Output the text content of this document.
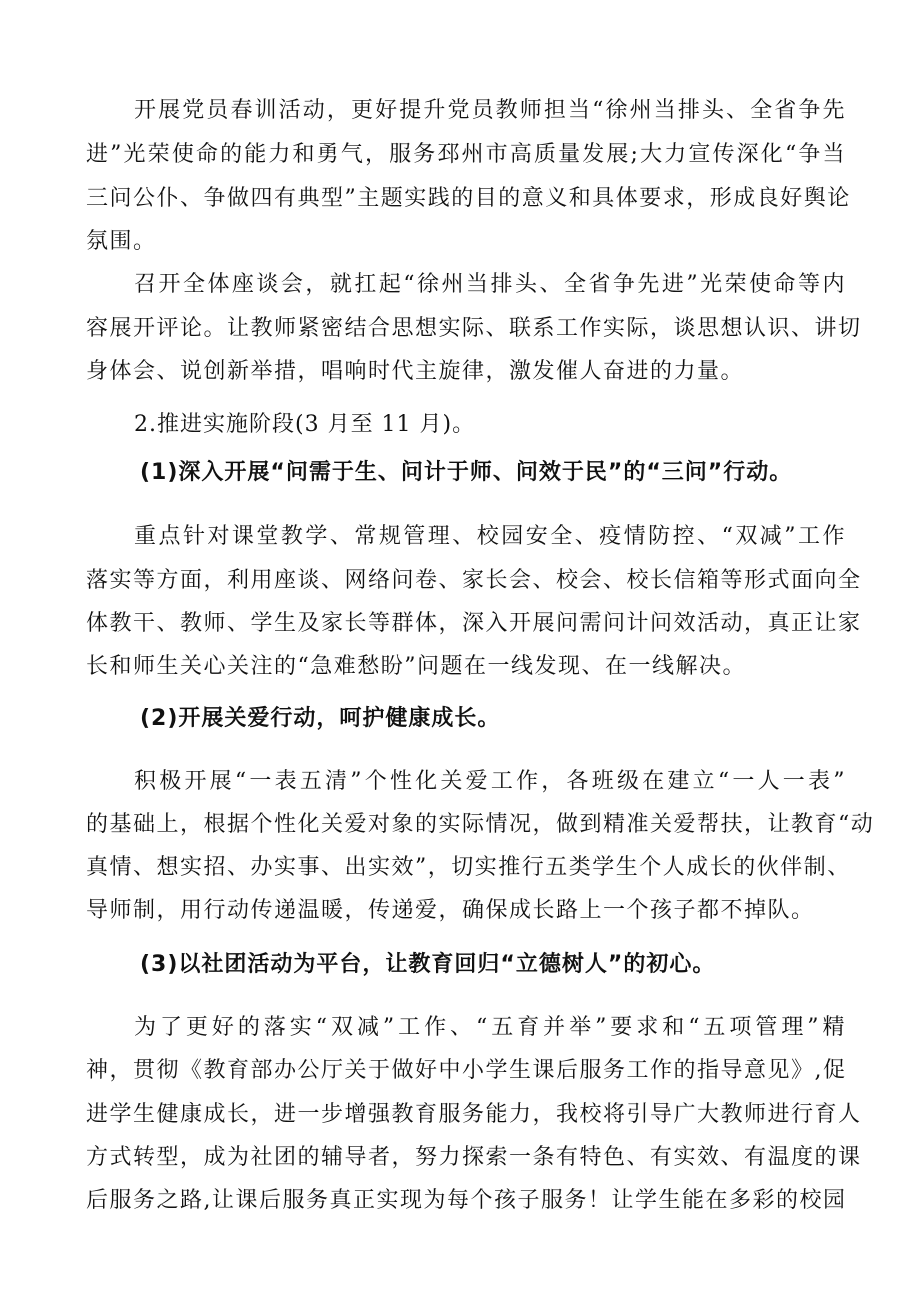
开展党员春训活动，更好提升党员教师担当“徐州当排头、全省争先
进”光荣使命的能力和勇气，服务邳州市高质量发展;大力宣传深化“争当
三问公仆、争做四有典型”主题实践的目的意义和具体要求，形成良好舆论
氛围。
召开全体座谈会，就扛起“徐州当排头、全省争先进”光荣使命等内
容展开评论。让教师紧密结合思想实际、联系工作实际，谈思想认识、讲切
身体会、说创新举措，唱响时代主旋律，激发催人奋进的力量。
2.推进实施阶段(3 月至 11 月)。
(1)深入开展“问需于生、问计于师、问效于民”的“三问”行动。
重点针对课堂教学、常规管理、校园安全、疫情防控、“双减”工作
落实等方面，利用座谈、网络问卷、家长会、校会、校长信箱等形式面向全
体教干、教师、学生及家长等群体，深入开展问需问计问效活动，真正让家
长和师生关心关注的“急难愁盼”问题在一线发现、在一线解决。
(2)开展关爱行动，呵护健康成长。
积极开展“一表五清”个性化关爱工作，各班级在建立“一人一表”
的基础上，根据个性化关爱对象的实际情况，做到精准关爱帮扶，让教育“动
真情、想实招、办实事、出实效”，切实推行五类学生个人成长的伙伴制、
导师制，用行动传递温暖，传递爱，确保成长路上一个孩子都不掉队。
(3)以社团活动为平台，让教育回归“立德树人”的初心。
为了更好的落实“双减”工作、“五育并举”要求和“五项管理”精
神，贯彻《教育部办公厅关于做好中小学生课后服务工作的指导意见》,促
进学生健康成长，进一步增强教育服务能力，我校将引导广大教师进行育人
方式转型，成为社团的辅导者，努力探索一条有特色、有实效、有温度的课
后服务之路,让课后服务真正实现为每个孩子服务！让学生能在多彩的校园
